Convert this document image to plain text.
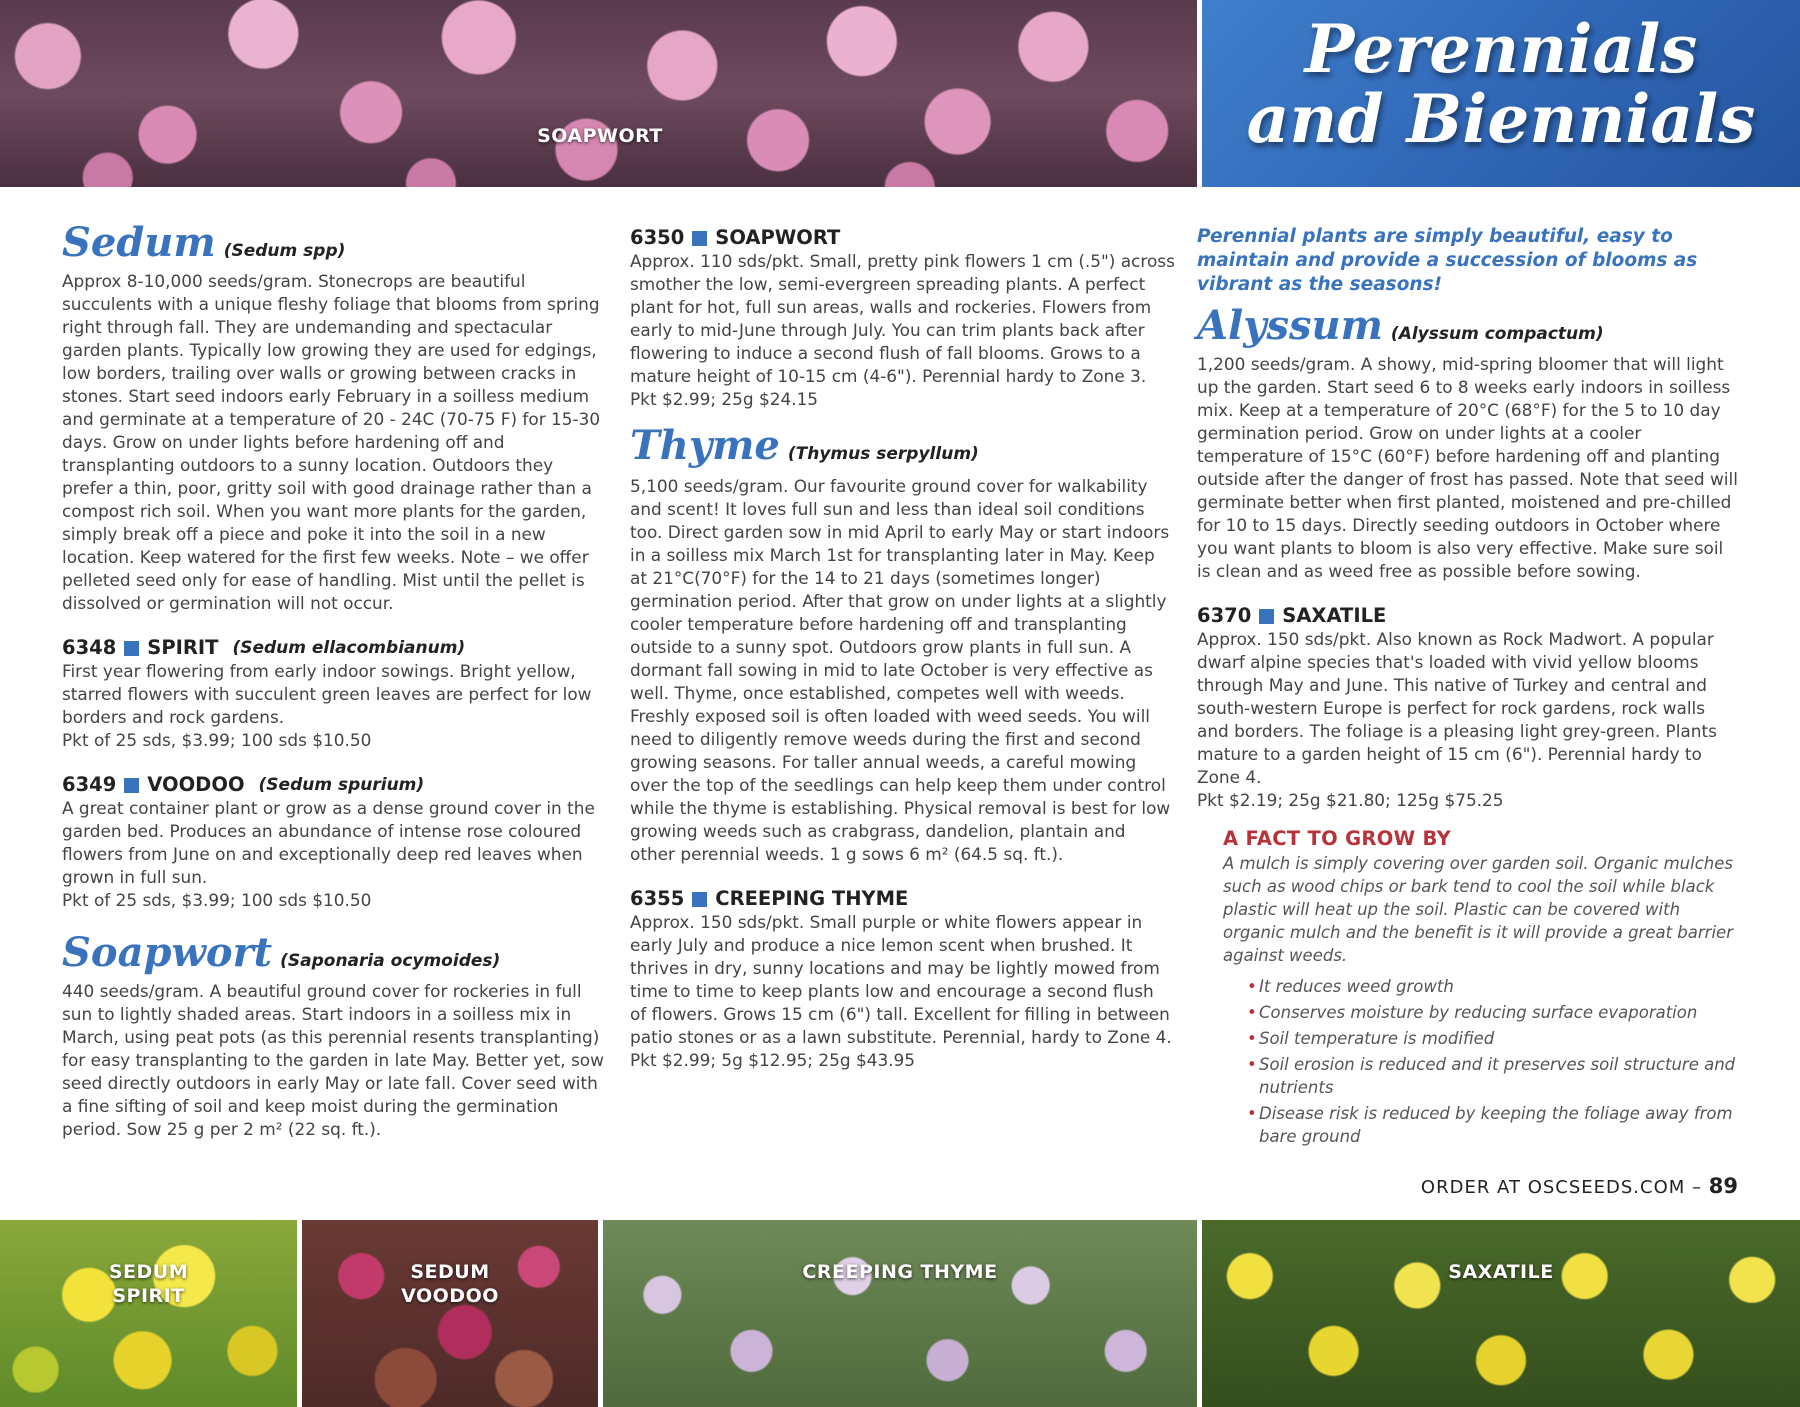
SOAPWORT
Perennials
and Biennials
Sedum (Sedum spp)
Approx 8-10,000 seeds/gram. Stonecrops are beautiful succulents with a unique fleshy foliage that blooms from spring right through fall. They are undemanding and spectacular garden plants. Typically low growing they are used for edgings, low borders, trailing over walls or growing between cracks in stones. Start seed indoors early February in a soilless medium and germinate at a temperature of 20 - 24C (70-75 F) for 15-30 days. Grow on under lights before hardening off and transplanting outdoors to a sunny location. Outdoors they prefer a thin, poor, gritty soil with good drainage rather than a compost rich soil. When you want more plants for the garden, simply break off a piece and poke it into the soil in a new location. Keep watered for the first few weeks. Note – we offer pelleted seed only for ease of handling. Mist until the pellet is dissolved or germination will not occur.
6348 SPIRIT (Sedum ellacombianum)
First year flowering from early indoor sowings. Bright yellow, starred flowers with succulent green leaves are perfect for low borders and rock gardens.
Pkt of 25 sds, $3.99; 100 sds $10.50
6349 VOODOO (Sedum spurium)
A great container plant or grow as a dense ground cover in the garden bed. Produces an abundance of intense rose coloured flowers from June on and exceptionally deep red leaves when grown in full sun.
Pkt of 25 sds, $3.99; 100 sds $10.50
Soapwort (Saponaria ocymoides)
440 seeds/gram. A beautiful ground cover for rockeries in full sun to lightly shaded areas. Start indoors in a soilless mix in March, using peat pots (as this perennial resents transplanting) for easy transplanting to the garden in late May. Better yet, sow seed directly outdoors in early May or late fall. Cover seed with a fine sifting of soil and keep moist during the germination period. Sow 25 g per 2 m² (22 sq. ft.).
6350 SOAPWORT
Approx. 110 sds/pkt. Small, pretty pink flowers 1 cm (.5") across smother the low, semi-evergreen spreading plants. A perfect plant for hot, full sun areas, walls and rockeries. Flowers from early to mid-June through July. You can trim plants back after flowering to induce a second flush of fall blooms. Grows to a mature height of 10-15 cm (4-6"). Perennial hardy to Zone 3.
Pkt $2.99; 25g $24.15
Thyme (Thymus serpyllum)
5,100 seeds/gram. Our favourite ground cover for walkability and scent! It loves full sun and less than ideal soil conditions too. Direct garden sow in mid April to early May or start indoors in a soilless mix March 1st for transplanting later in May. Keep at 21°C(70°F) for the 14 to 21 days (sometimes longer) germination period. After that grow on under lights at a slightly cooler temperature before hardening off and transplanting outside to a sunny spot. Outdoors grow plants in full sun. A dormant fall sowing in mid to late October is very effective as well. Thyme, once established, competes well with weeds. Freshly exposed soil is often loaded with weed seeds. You will need to diligently remove weeds during the first and second growing seasons. For taller annual weeds, a careful mowing over the top of the seedlings can help keep them under control while the thyme is establishing. Physical removal is best for low growing weeds such as crabgrass, dandelion, plantain and other perennial weeds. 1 g sows 6 m² (64.5 sq. ft.).
6355 CREEPING THYME
Approx. 150 sds/pkt. Small purple or white flowers appear in early July and produce a nice lemon scent when brushed. It thrives in dry, sunny locations and may be lightly mowed from time to time to keep plants low and encourage a second flush of flowers. Grows 15 cm (6") tall. Excellent for filling in between patio stones or as a lawn substitute. Perennial, hardy to Zone 4.
Pkt $2.99; 5g $12.95; 25g $43.95
Perennial plants are simply beautiful, easy to maintain and provide a succession of blooms as vibrant as the seasons!
Alyssum (Alyssum compactum)
1,200 seeds/gram. A showy, mid-spring bloomer that will light up the garden. Start seed 6 to 8 weeks early indoors in soilless mix. Keep at a temperature of 20°C (68°F) for the 5 to 10 day germination period. Grow on under lights at a cooler temperature of 15°C (60°F) before hardening off and planting outside after the danger of frost has passed. Note that seed will germinate better when first planted, moistened and pre-chilled for 10 to 15 days. Directly seeding outdoors in October where you want plants to bloom is also very effective. Make sure soil is clean and as weed free as possible before sowing.
6370 SAXATILE
Approx. 150 sds/pkt. Also known as Rock Madwort. A popular dwarf alpine species that's loaded with vivid yellow blooms through May and June. This native of Turkey and central and south-western Europe is perfect for rock gardens, rock walls and borders. The foliage is a pleasing light grey-green. Plants mature to a garden height of 15 cm (6"). Perennial hardy to Zone 4.
Pkt $2.19; 25g $21.80; 125g $75.25
A FACT TO GROW BY
A mulch is simply covering over garden soil. Organic mulches such as wood chips or bark tend to cool the soil while black plastic will heat up the soil. Plastic can be covered with organic mulch and the benefit is it will provide a great barrier against weeds.
• It reduces weed growth
• Conserves moisture by reducing surface evaporation
• Soil temperature is modified
• Soil erosion is reduced and it preserves soil structure and nutrients
• Disease risk is reduced by keeping the foliage away from bare ground
ORDER AT OSCSEEDS.COM – 89
SEDUM
SPIRIT
SEDUM
VOODOO
CREEPING THYME	SAXATILE
